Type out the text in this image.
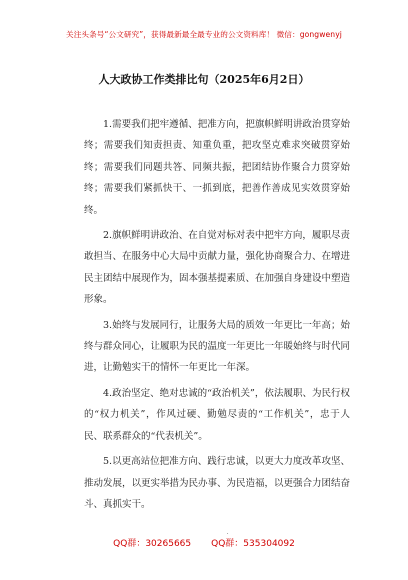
关注头条号“公文研究”，获得最新最全最专业的公文资料库！ 微信：gongwenyj
人大政协工作类排比句（2025年6月2日）

1.需要我们把牢遵循、把准方向，把旗帜鲜明讲政治贯穿始终；需要我们知责担责、知重负重，把攻坚克难求突破贯穿始终；需要我们同题共答、同频共振，把团结协作聚合力贯穿始终；需要我们紧抓快干、一抓到底，把善作善成见实效贯穿始终。

2.旗帜鲜明讲政治、在自觉对标对表中把牢方向，履职尽责敢担当、在服务中心大局中贡献力量，强化协商聚合力、在增进民主团结中展现作为，固本强基提素质、在加强自身建设中塑造形象。

3.始终与发展同行，让服务大局的质效一年更比一年高；始终与群众同心，让履职为民的温度一年更比一年暖始终与时代同进，让勤勉实干的情怀一年更比一年深。

4.政治坚定、绝对忠诚的“政治机关”，依法履职、为民行权的“权力机关”，作风过硬、勤勉尽责的“工作机关”，忠于人民、联系群众的“代表机关”。

5.以更高站位把准方向、践行忠诚，以更大力度改革攻坚、推动发展，以更实举措为民办事、为民造福，以更强合力团结奋斗、真抓实干。

QQ群：30265665 QQ群：535304092
